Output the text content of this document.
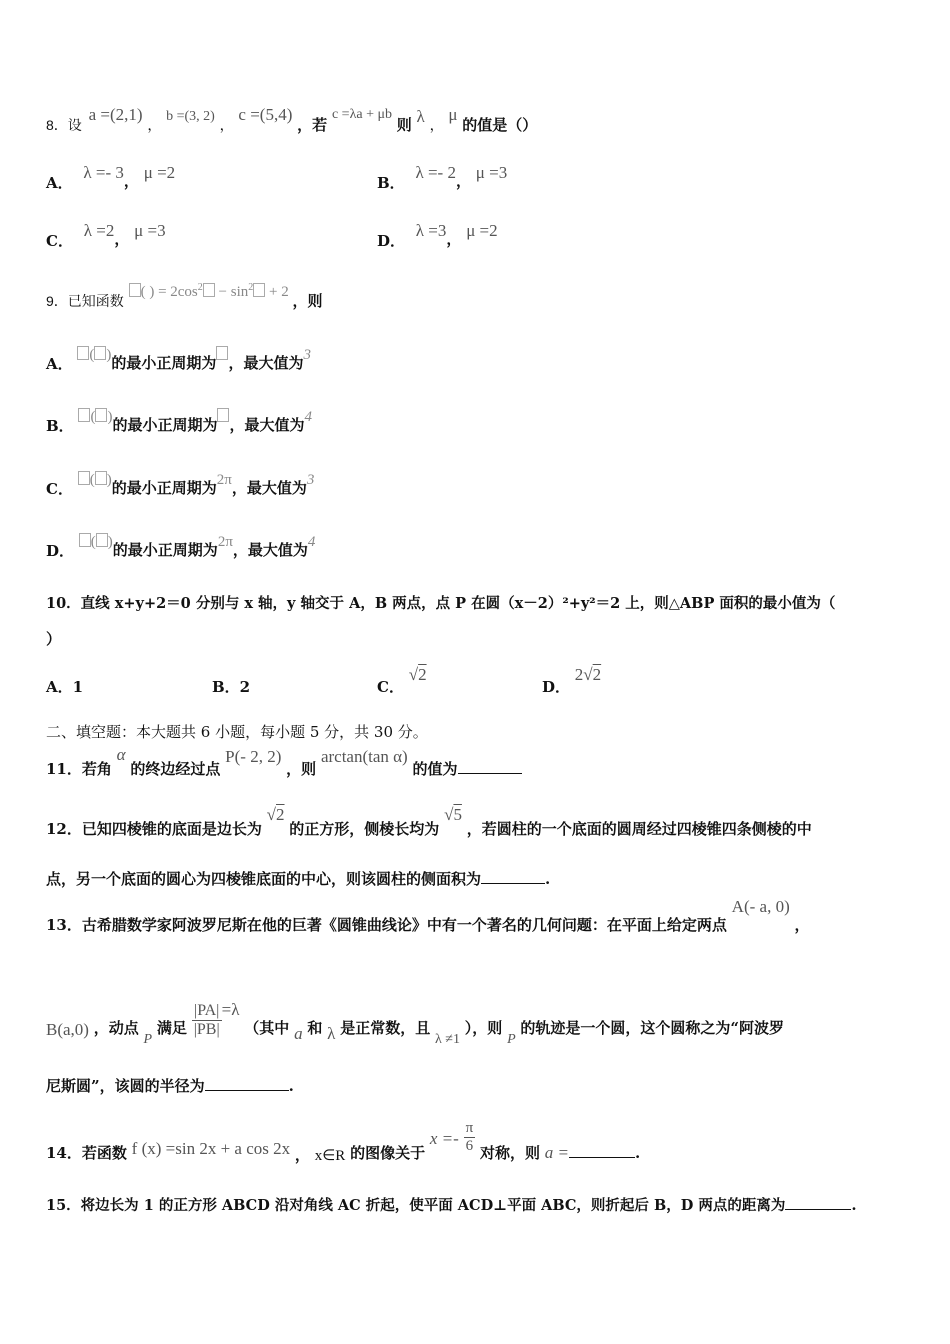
8．设 a =(2,1) ， b =(3, 2) ， c =(5,4) ，若 c =λa + μb 则 λ ， μ 的值是（）
A． λ =- 3， μ =2
B． λ =- 2， μ =3
C． λ =2， μ =3
D． λ =3， μ =2
9．已知函数 ( ) = $2\cos^2 - \sin^2 + 2$ ，则
A． ( )的最小正周期为 ，最大值为3
B． ( )的最小正周期为 ，最大值为4
C． ( )的最小正周期为2π，最大值为3
D． ( )的最小正周期为2π，最大值为4
10．直线 x+y+2＝0 分别与 x 轴，y 轴交于 A，B 两点，点 P 在圆（x－2）²+y²＝2 上，则△ABP 面积的最小值为（
）
A．1	B．2	C． √2
D． 2√2
二、填空题：本大题共 6 小题，每小题 5 分，共 30 分。
11．若角 α 的终边经过点 P(- 2, 2) ，则 arctan(tan α) 的值为
12．已知四棱锥的底面是边长为 √2 的正方形，侧棱长均为 √5 ，若圆柱的一个底面的圆周经过四棱锥四条侧棱的中
点，另一个底面的圆心为四棱锥底面的中心，则该圆柱的侧面积为	.
13．古希腊数学家阿波罗尼斯在他的巨著《圆锥曲线论》中有一个著名的几何问题：在平面上给定两点 A(- a, 0) ，
B(a,0) ，动点 P 满足 $\frac{|PA|}{|PB|} =\lambda$ （其中 a 和 λ 是正常数，且 λ ≠1 ），则 P 的轨迹是一个圆，这个圆称之为“阿波罗
尼斯圆”，该圆的半径为	.
14．若函数 f (x) =sin 2x + a cos 2x ， x∈R 的图像关于 $x =- \frac{\pi}{6}$ 对称，则 a =	.
15．将边长为 1 的正方形 ABCD 沿对角线 AC 折起，使平面 ACD⊥平面 ABC，则折起后 B，D 两点的距离为	.
